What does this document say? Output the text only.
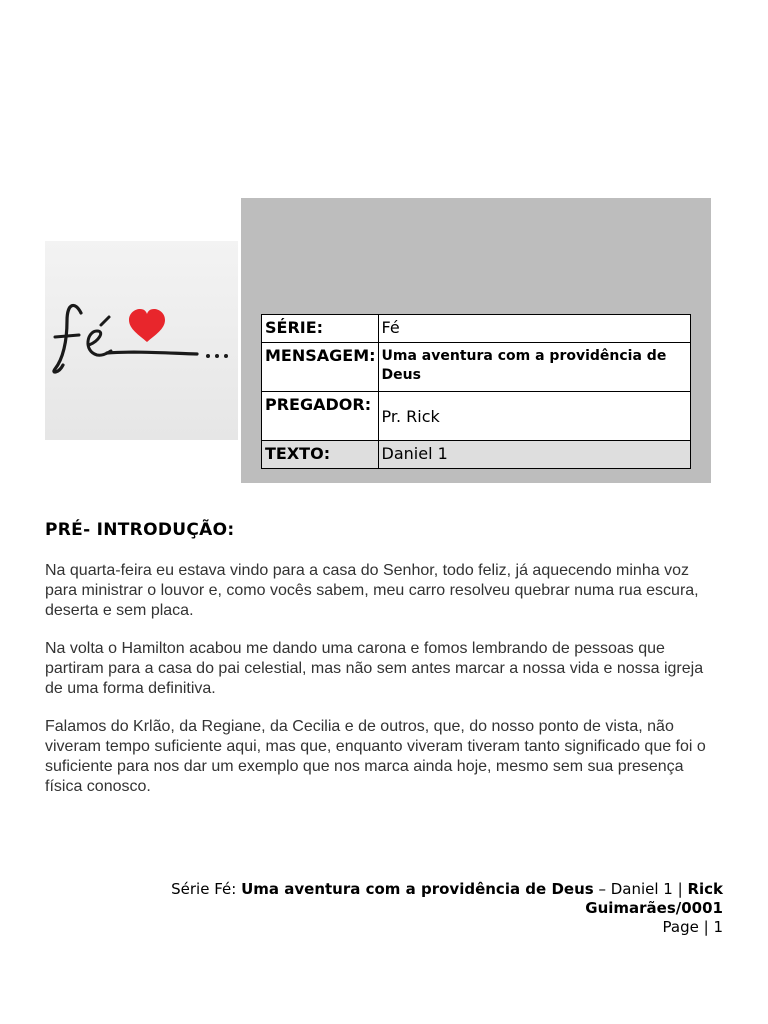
SÉRIE:	Fé
MENSAGEM:	Uma aventura com a providência de Deus
PREGADOR:	Pr. Rick
TEXTO:	Daniel 1
PRÉ- INTRODUÇÃO:

Na quarta-feira eu estava vindo para a casa do Senhor, todo feliz, já aquecendo minha voz para ministrar o louvor e, como vocês sabem, meu carro resolveu quebrar numa rua escura, deserta e sem placa.

Na volta o Hamilton acabou me dando uma carona e fomos lembrando de pessoas que partiram para a casa do pai celestial, mas não sem antes marcar a nossa vida e nossa igreja de uma forma definitiva.

Falamos do Krlão, da Regiane, da Cecilia e de outros, que, do nosso ponto de vista, não viveram tempo suficiente aqui, mas que, enquanto viveram tiveram tanto significado que foi o suficiente para nos dar um exemplo que nos marca ainda hoje, mesmo sem sua presença física conosco.

Série Fé: Uma aventura com a providência de Deus – Daniel 1 | Rick Guimarães/0001
Page | 1
